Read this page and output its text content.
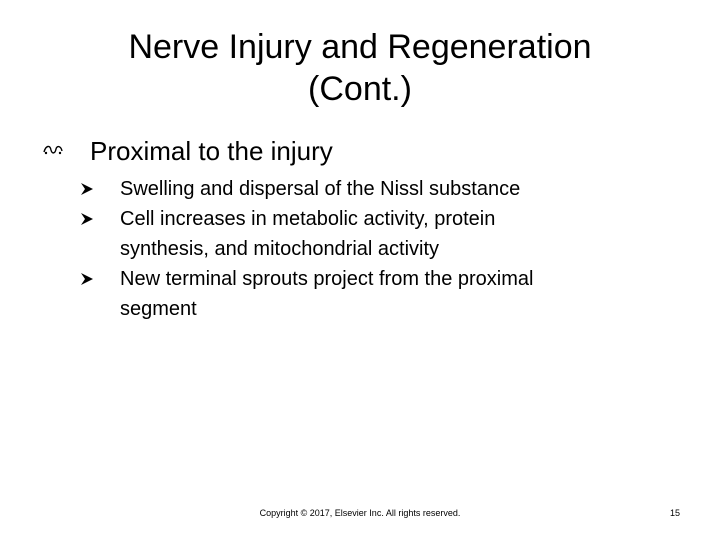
Nerve Injury and Regeneration
(Cont.)
Proximal to the injury
Swelling and dispersal of the Nissl substance
Cell increases in metabolic activity, protein
synthesis, and mitochondrial activity
New terminal sprouts project from the proximal
segment
Copyright © 2017, Elsevier Inc. All rights reserved.	15
